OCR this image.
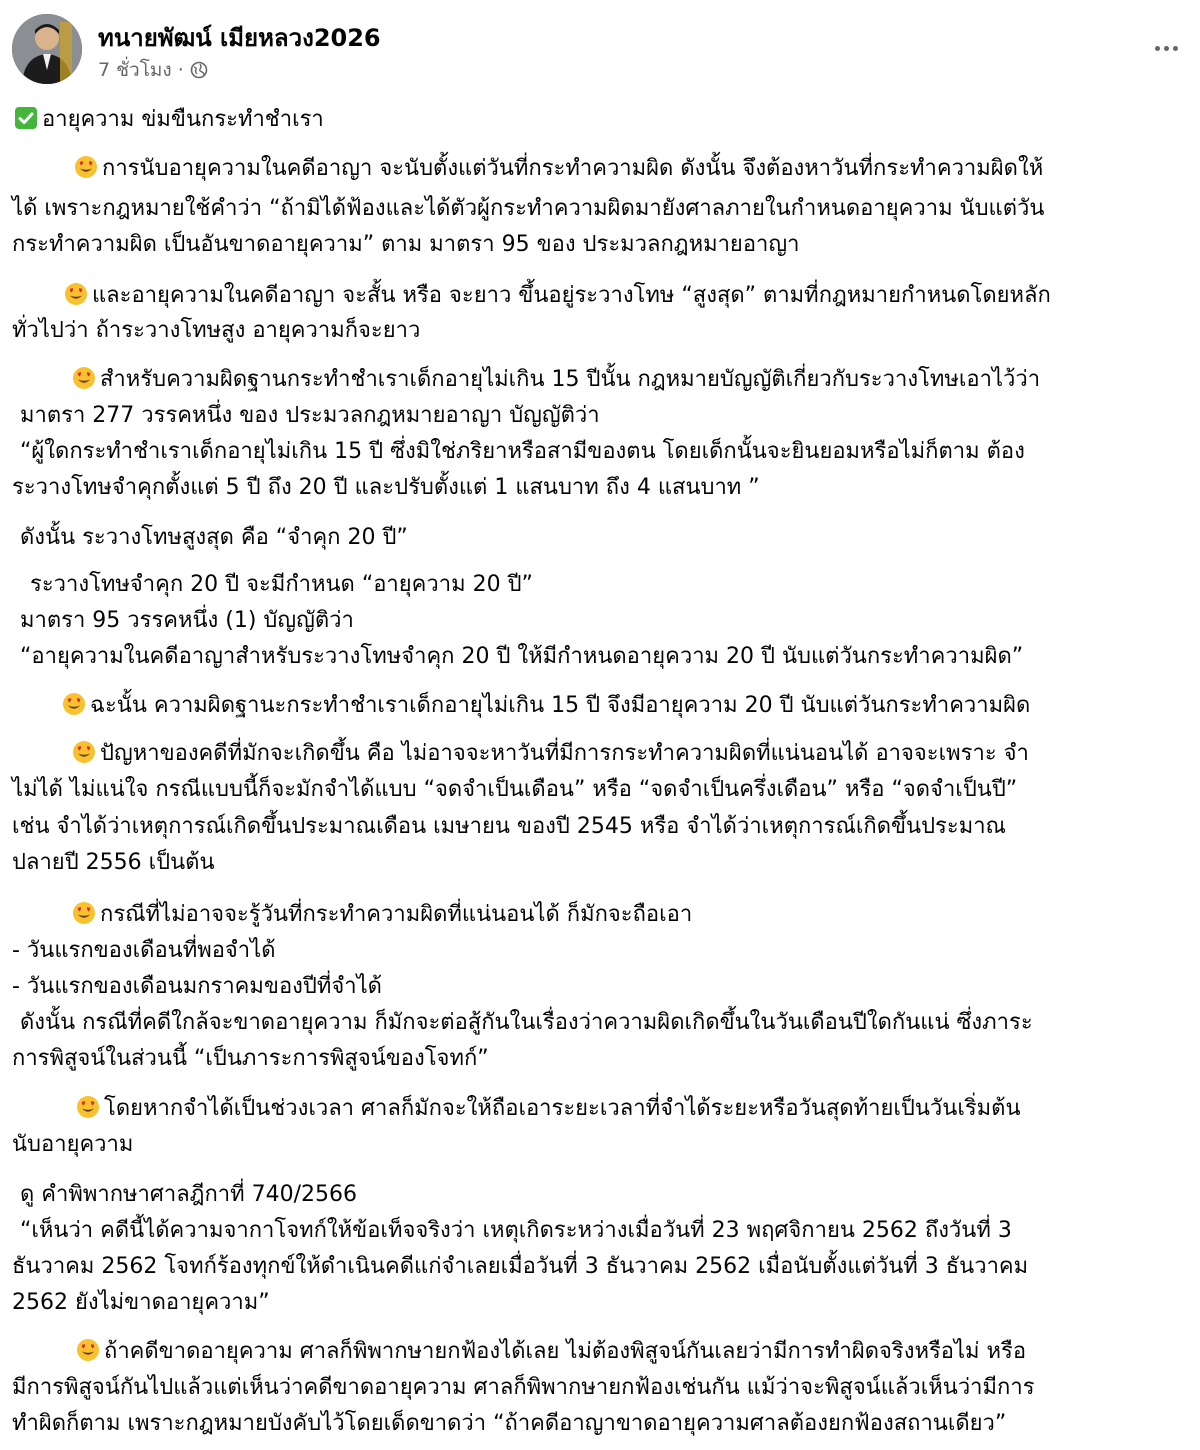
ทนายพัฒน์ เมียหลวง2026
7 ชั่วโมง ·
อายุความ ข่มขืนกระทำชำเรา
การนับอายุความในคดีอาญา จะนับตั้งแต่วันที่กระทำความผิด ดังนั้น จึงต้องหาวันที่กระทำความผิดให้
ได้ เพราะกฎหมายใช้คำว่า “ถ้ามิได้ฟ้องและได้ตัวผู้กระทำความผิดมายังศาลภายในกำหนดอายุความ นับแต่วัน
กระทำความผิด เป็นอันขาดอายุความ” ตาม มาตรา 95 ของ ประมวลกฎหมายอาญา
และอายุความในคดีอาญา จะสั้น หรือ จะยาว ขึ้นอยู่ระวางโทษ “สูงสุด” ตามที่กฎหมายกำหนดโดยหลัก
ทั่วไปว่า ถ้าระวางโทษสูง อายุความก็จะยาว
สำหรับความผิดฐานกระทำชำเราเด็กอายุไม่เกิน 15 ปีนั้น กฎหมายบัญญัติเกี่ยวกับระวางโทษเอาไว้ว่า
มาตรา 277 วรรคหนึ่ง ของ ประมวลกฎหมายอาญา บัญญัติว่า
“ผู้ใดกระทำชำเราเด็กอายุไม่เกิน 15 ปี ซึ่งมิใช่ภริยาหรือสามีของตน โดยเด็กนั้นจะยินยอมหรือไม่ก็ตาม ต้อง
ระวางโทษจำคุกตั้งแต่ 5 ปี ถึง 20 ปี และปรับตั้งแต่ 1 แสนบาท ถึง 4 แสนบาท ”
ดังนั้น ระวางโทษสูงสุด คือ “จำคุก 20 ปี”
ระวางโทษจำคุก 20 ปี จะมีกำหนด “อายุความ 20 ปี”
มาตรา 95 วรรคหนึ่ง (1) บัญญัติว่า
“อายุความในคดีอาญาสำหรับระวางโทษจำคุก 20 ปี ให้มีกำหนดอายุความ 20 ปี นับแต่วันกระทำความผิด”
ฉะนั้น ความผิดฐานะกระทำชำเราเด็กอายุไม่เกิน 15 ปี จึงมีอายุความ 20 ปี นับแต่วันกระทำความผิด
ปัญหาของคดีที่มักจะเกิดขึ้น คือ ไม่อาจจะหาวันที่มีการกระทำความผิดที่แน่นอนได้ อาจจะเพราะ จำ
ไม่ได้ ไม่แน่ใจ กรณีแบบนี้ก็จะมักจำได้แบบ “จดจำเป็นเดือน” หรือ “จดจำเป็นครึ่งเดือน” หรือ “จดจำเป็นปี”
เช่น จำได้ว่าเหตุการณ์เกิดขึ้นประมาณเดือน เมษายน ของปี 2545 หรือ จำได้ว่าเหตุการณ์เกิดขึ้นประมาณ
ปลายปี 2556 เป็นต้น
กรณีที่ไม่อาจจะรู้วันที่กระทำความผิดที่แน่นอนได้ ก็มักจะถือเอา
- วันแรกของเดือนที่พอจำได้
- วันแรกของเดือนมกราคมของปีที่จำได้
ดังนั้น กรณีที่คดีใกล้จะขาดอายุความ ก็มักจะต่อสู้กันในเรื่องว่าความผิดเกิดขึ้นในวันเดือนปีใดกันแน่ ซึ่งภาระ
การพิสูจน์ในส่วนนี้ “เป็นภาระการพิสูจน์ของโจทก์”
โดยหากจำได้เป็นช่วงเวลา ศาลก็มักจะให้ถือเอาระยะเวลาที่จำได้ระยะหรือวันสุดท้ายเป็นวันเริ่มต้น
นับอายุความ
ดู คำพิพากษาศาลฎีกาที่ 740/2566
“เห็นว่า คดีนี้ได้ความจากาโจทก์ให้ข้อเท็จจริงว่า เหตุเกิดระหว่างเมื่อวันที่ 23 พฤศจิกายน 2562 ถึงวันที่ 3
ธันวาคม 2562 โจทก์ร้องทุกข์ให้ดำเนินคดีแก่จำเลยเมื่อวันที่ 3 ธันวาคม 2562 เมื่อนับตั้งแต่วันที่ 3 ธันวาคม
2562 ยังไม่ขาดอายุความ”
ถ้าคดีขาดอายุความ ศาลก็พิพากษายกฟ้องได้เลย ไม่ต้องพิสูจน์กันเลยว่ามีการทำผิดจริงหรือไม่ หรือ
มีการพิสูจน์กันไปแล้วแต่เห็นว่าคดีขาดอายุความ ศาลก็พิพากษายกฟ้องเช่นกัน แม้ว่าจะพิสูจน์แล้วเห็นว่ามีการ
ทำผิดก็ตาม เพราะกฎหมายบังคับไว้โดยเด็ดขาดว่า “ถ้าคดีอาญาขาดอายุความศาลต้องยกฟ้องสถานเดียว”
